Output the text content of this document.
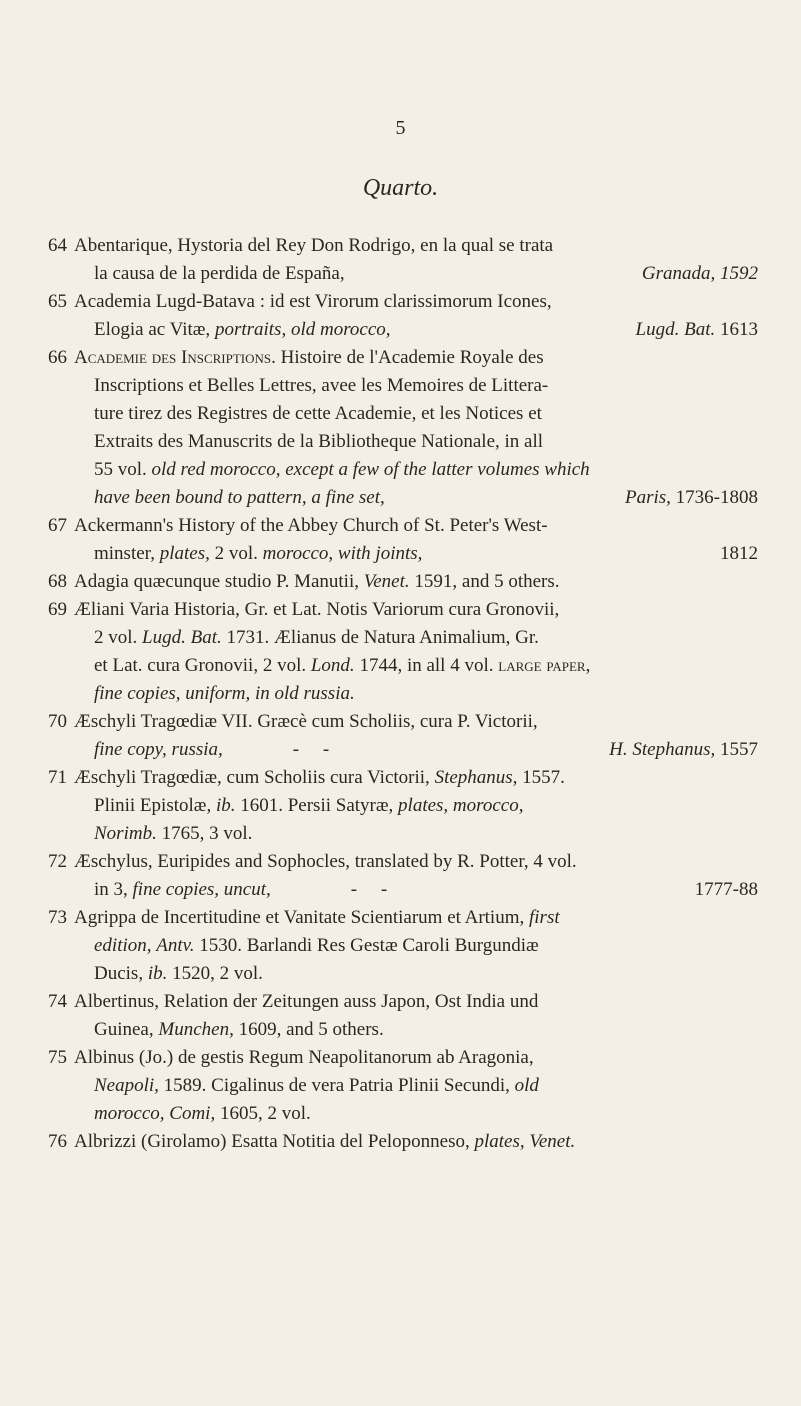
5
Quarto.
64 Abentarique, Hystoria del Rey Don Rodrigo, en la qual se trata
la causa de la perdida de España,	Granada, 1592
65 Academia Lugd-Batava : id est Virorum clarissimorum Icones,
Elogia ac Vitæ, portraits, old morocco,	Lugd. Bat. 1613
66 Academie des Inscriptions. Histoire de l'Academie Royale des
Inscriptions et Belles Lettres, avee les Memoires de Littera-
ture tirez des Registres de cette Academie, et les Notices et
Extraits des Manuscrits de la Bibliotheque Nationale, in all
55 vol. old red morocco, except a few of the latter volumes which
have been bound to pattern, a fine set,	Paris, 1736-1808
67 Ackermann's History of the Abbey Church of St. Peter's West-
minster, plates, 2 vol. morocco, with joints,	1812
68 Adagia quæcunque studio P. Manutii, Venet. 1591, and 5 others.
69 Æliani Varia Historia, Gr. et Lat. Notis Variorum cura Gronovii,
2 vol. Lugd. Bat. 1731. Ælianus de Natura Animalium, Gr.
et Lat. cura Gronovii, 2 vol. Lond. 1744, in all 4 vol. large paper,
fine copies, uniform, in old russia.
70 Æschyli Tragœdiæ VII. Græcè cum Scholiis, cura P. Victorii,
fine copy, russia,	-     -	H. Stephanus, 1557
71 Æschyli Tragœdiæ, cum Scholiis cura Victorii, Stephanus, 1557.
Plinii Epistolæ, ib. 1601. Persii Satyræ, plates, morocco,
Norimb. 1765, 3 vol.
72 Æschylus, Euripides and Sophocles, translated by R. Potter, 4 vol.
in 3, fine copies, uncut,	-     -	1777-88
73 Agrippa de Incertitudine et Vanitate Scientiarum et Artium, first
edition, Antv. 1530. Barlandi Res Gestæ Caroli Burgundiæ
Ducis, ib. 1520, 2 vol.
74 Albertinus, Relation der Zeitungen auss Japon, Ost India und
Guinea, Munchen, 1609, and 5 others.
75 Albinus (Jo.) de gestis Regum Neapolitanorum ab Aragonia,
Neapoli, 1589. Cigalinus de vera Patria Plinii Secundi, old
morocco, Comi, 1605, 2 vol.
76 Albrizzi (Girolamo) Esatta Notitia del Peloponneso, plates, Venet.
